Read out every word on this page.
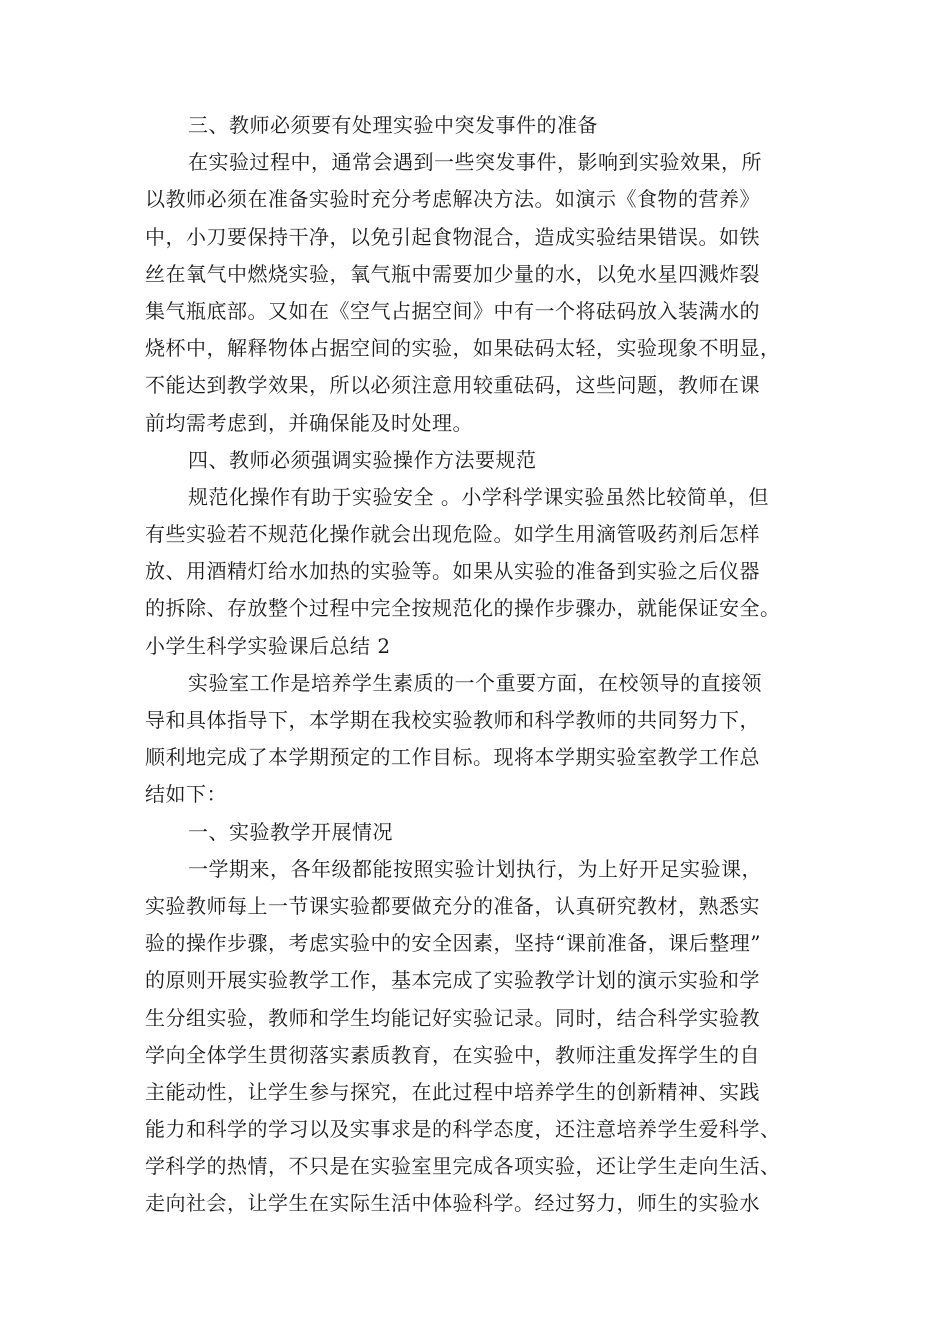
三、教师必须要有处理实验中突发事件的准备
在实验过程中，通常会遇到一些突发事件，影响到实验效果，所
以教师必须在准备实验时充分考虑解决方法。如演示《食物的营养》
中，小刀要保持干净，以免引起食物混合，造成实验结果错误。如铁
丝在氧气中燃烧实验，氧气瓶中需要加少量的水，以免水星四溅炸裂
集气瓶底部。又如在《空气占据空间》中有一个将砝码放入装满水的
烧杯中，解释物体占据空间的实验，如果砝码太轻，实验现象不明显，
不能达到教学效果，所以必须注意用较重砝码，这些问题，教师在课
前均需考虑到，并确保能及时处理。
四、教师必须强调实验操作方法要规范
规范化操作有助于实验安全 。小学科学课实验虽然比较简单，但
有些实验若不规范化操作就会出现危险。如学生用滴管吸药剂后怎样
放、用酒精灯给水加热的实验等。如果从实验的准备到实验之后仪器
的拆除、存放整个过程中完全按规范化的操作步骤办，就能保证安全。
小学生科学实验课后总结 2
实验室工作是培养学生素质的一个重要方面，在校领导的直接领
导和具体指导下，本学期在我校实验教师和科学教师的共同努力下，
顺利地完成了本学期预定的工作目标。现将本学期实验室教学工作总
结如下：
一、实验教学开展情况
一学期来，各年级都能按照实验计划执行，为上好开足实验课，
实验教师每上一节课实验都要做充分的准备，认真研究教材，熟悉实
验的操作步骤，考虑实验中的安全因素，坚持“课前准备，课后整理”
的原则开展实验教学工作，基本完成了实验教学计划的演示实验和学
生分组实验，教师和学生均能记好实验记录。同时，结合科学实验教
学向全体学生贯彻落实素质教育，在实验中，教师注重发挥学生的自
主能动性，让学生参与探究，在此过程中培养学生的创新精神、实践
能力和科学的学习以及实事求是的科学态度，还注意培养学生爱科学、
学科学的热情，不只是在实验室里完成各项实验，还让学生走向生活、
走向社会，让学生在实际生活中体验科学。经过努力，师生的实验水
